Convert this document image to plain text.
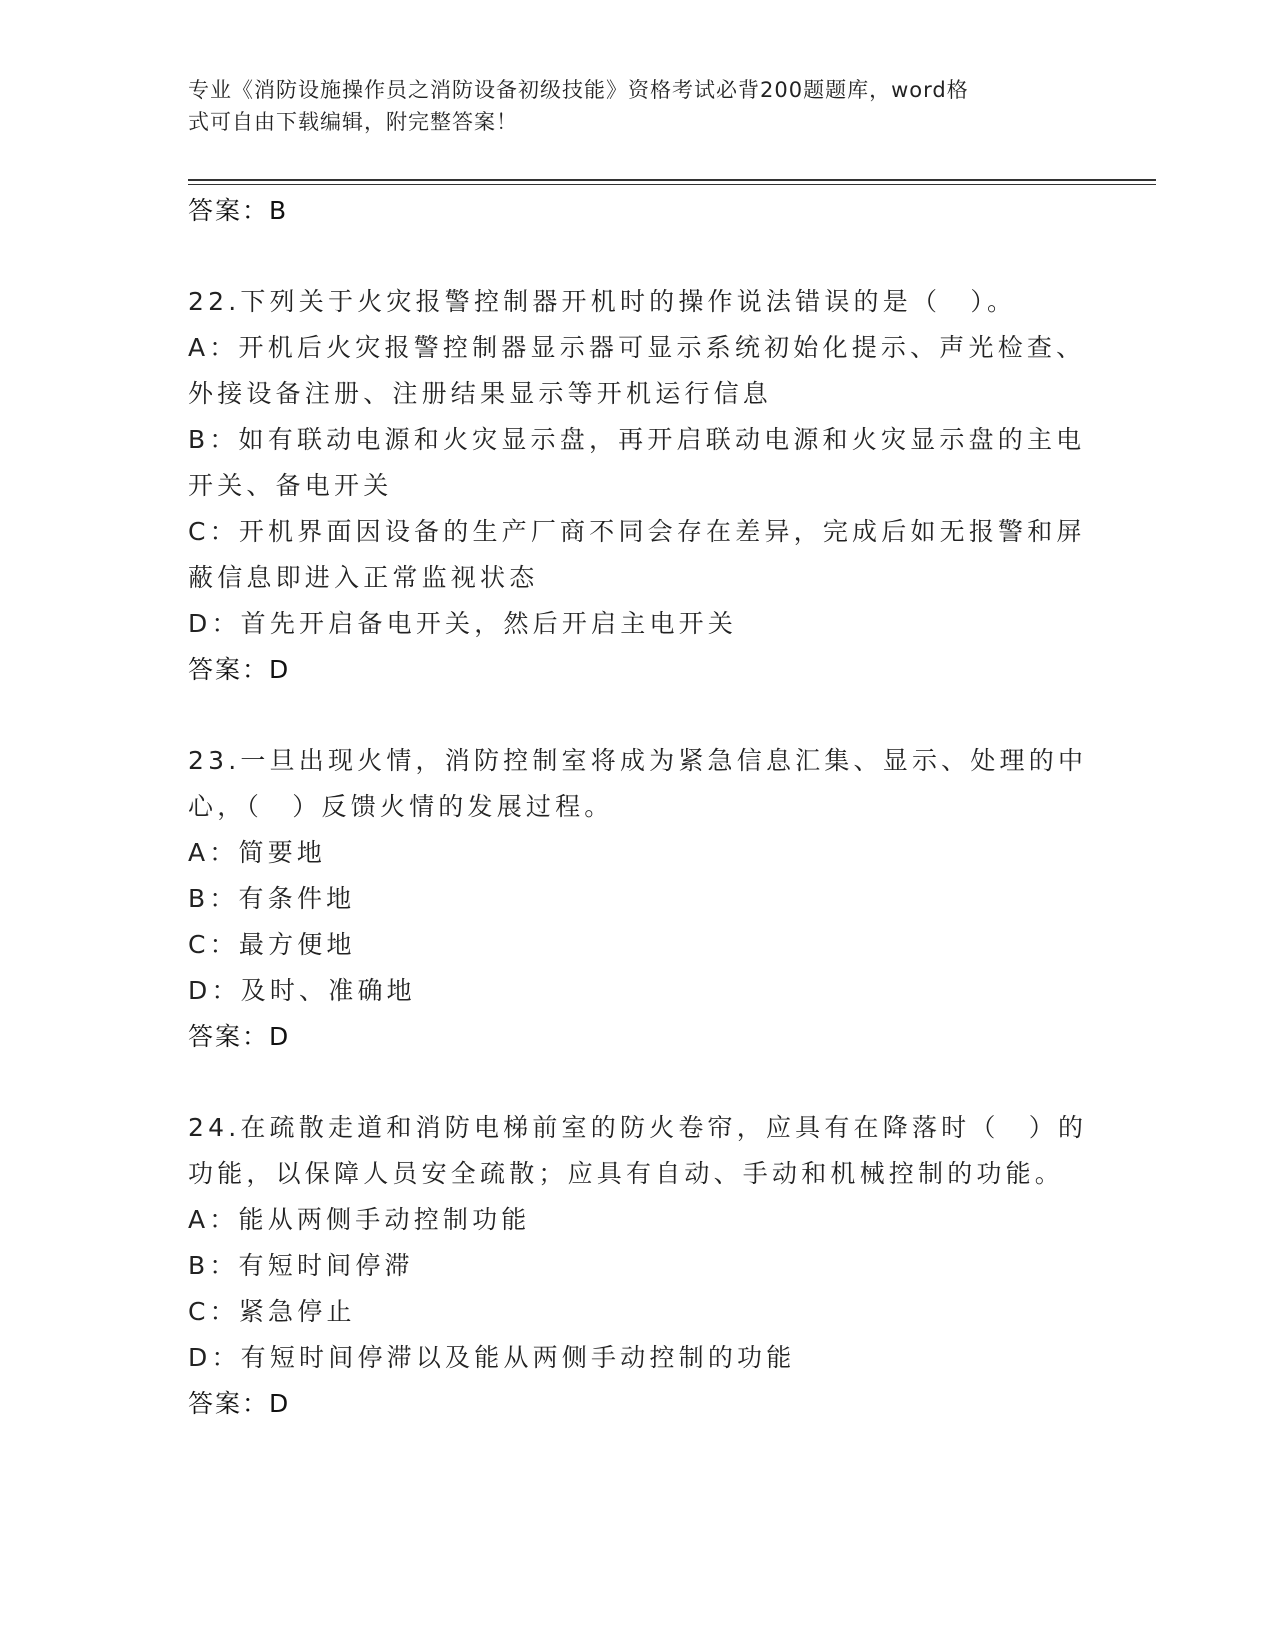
专业《消防设施操作员之消防设备初级技能》资格考试必背200题题库，word格
式可自由下载编辑，附完整答案！
答案：B
22.下列关于火灾报警控制器开机时的操作说法错误的是（　）。
A：开机后火灾报警控制器显示器可显示系统初始化提示、声光检查、
外接设备注册、注册结果显示等开机运行信息
B：如有联动电源和火灾显示盘，再开启联动电源和火灾显示盘的主电
开关、备电开关
C：开机界面因设备的生产厂商不同会存在差异，完成后如无报警和屏
蔽信息即进入正常监视状态
D：首先开启备电开关，然后开启主电开关
答案：D
23.一旦出现火情，消防控制室将成为紧急信息汇集、显示、处理的中
心，（　）反馈火情的发展过程。
A：简要地
B：有条件地
C：最方便地
D：及时、准确地
答案：D
24.在疏散走道和消防电梯前室的防火卷帘，应具有在降落时（　）的
功能，以保障人员安全疏散；应具有自动、手动和机械控制的功能。
A：能从两侧手动控制功能
B：有短时间停滞
C：紧急停止
D：有短时间停滞以及能从两侧手动控制的功能
答案：D
